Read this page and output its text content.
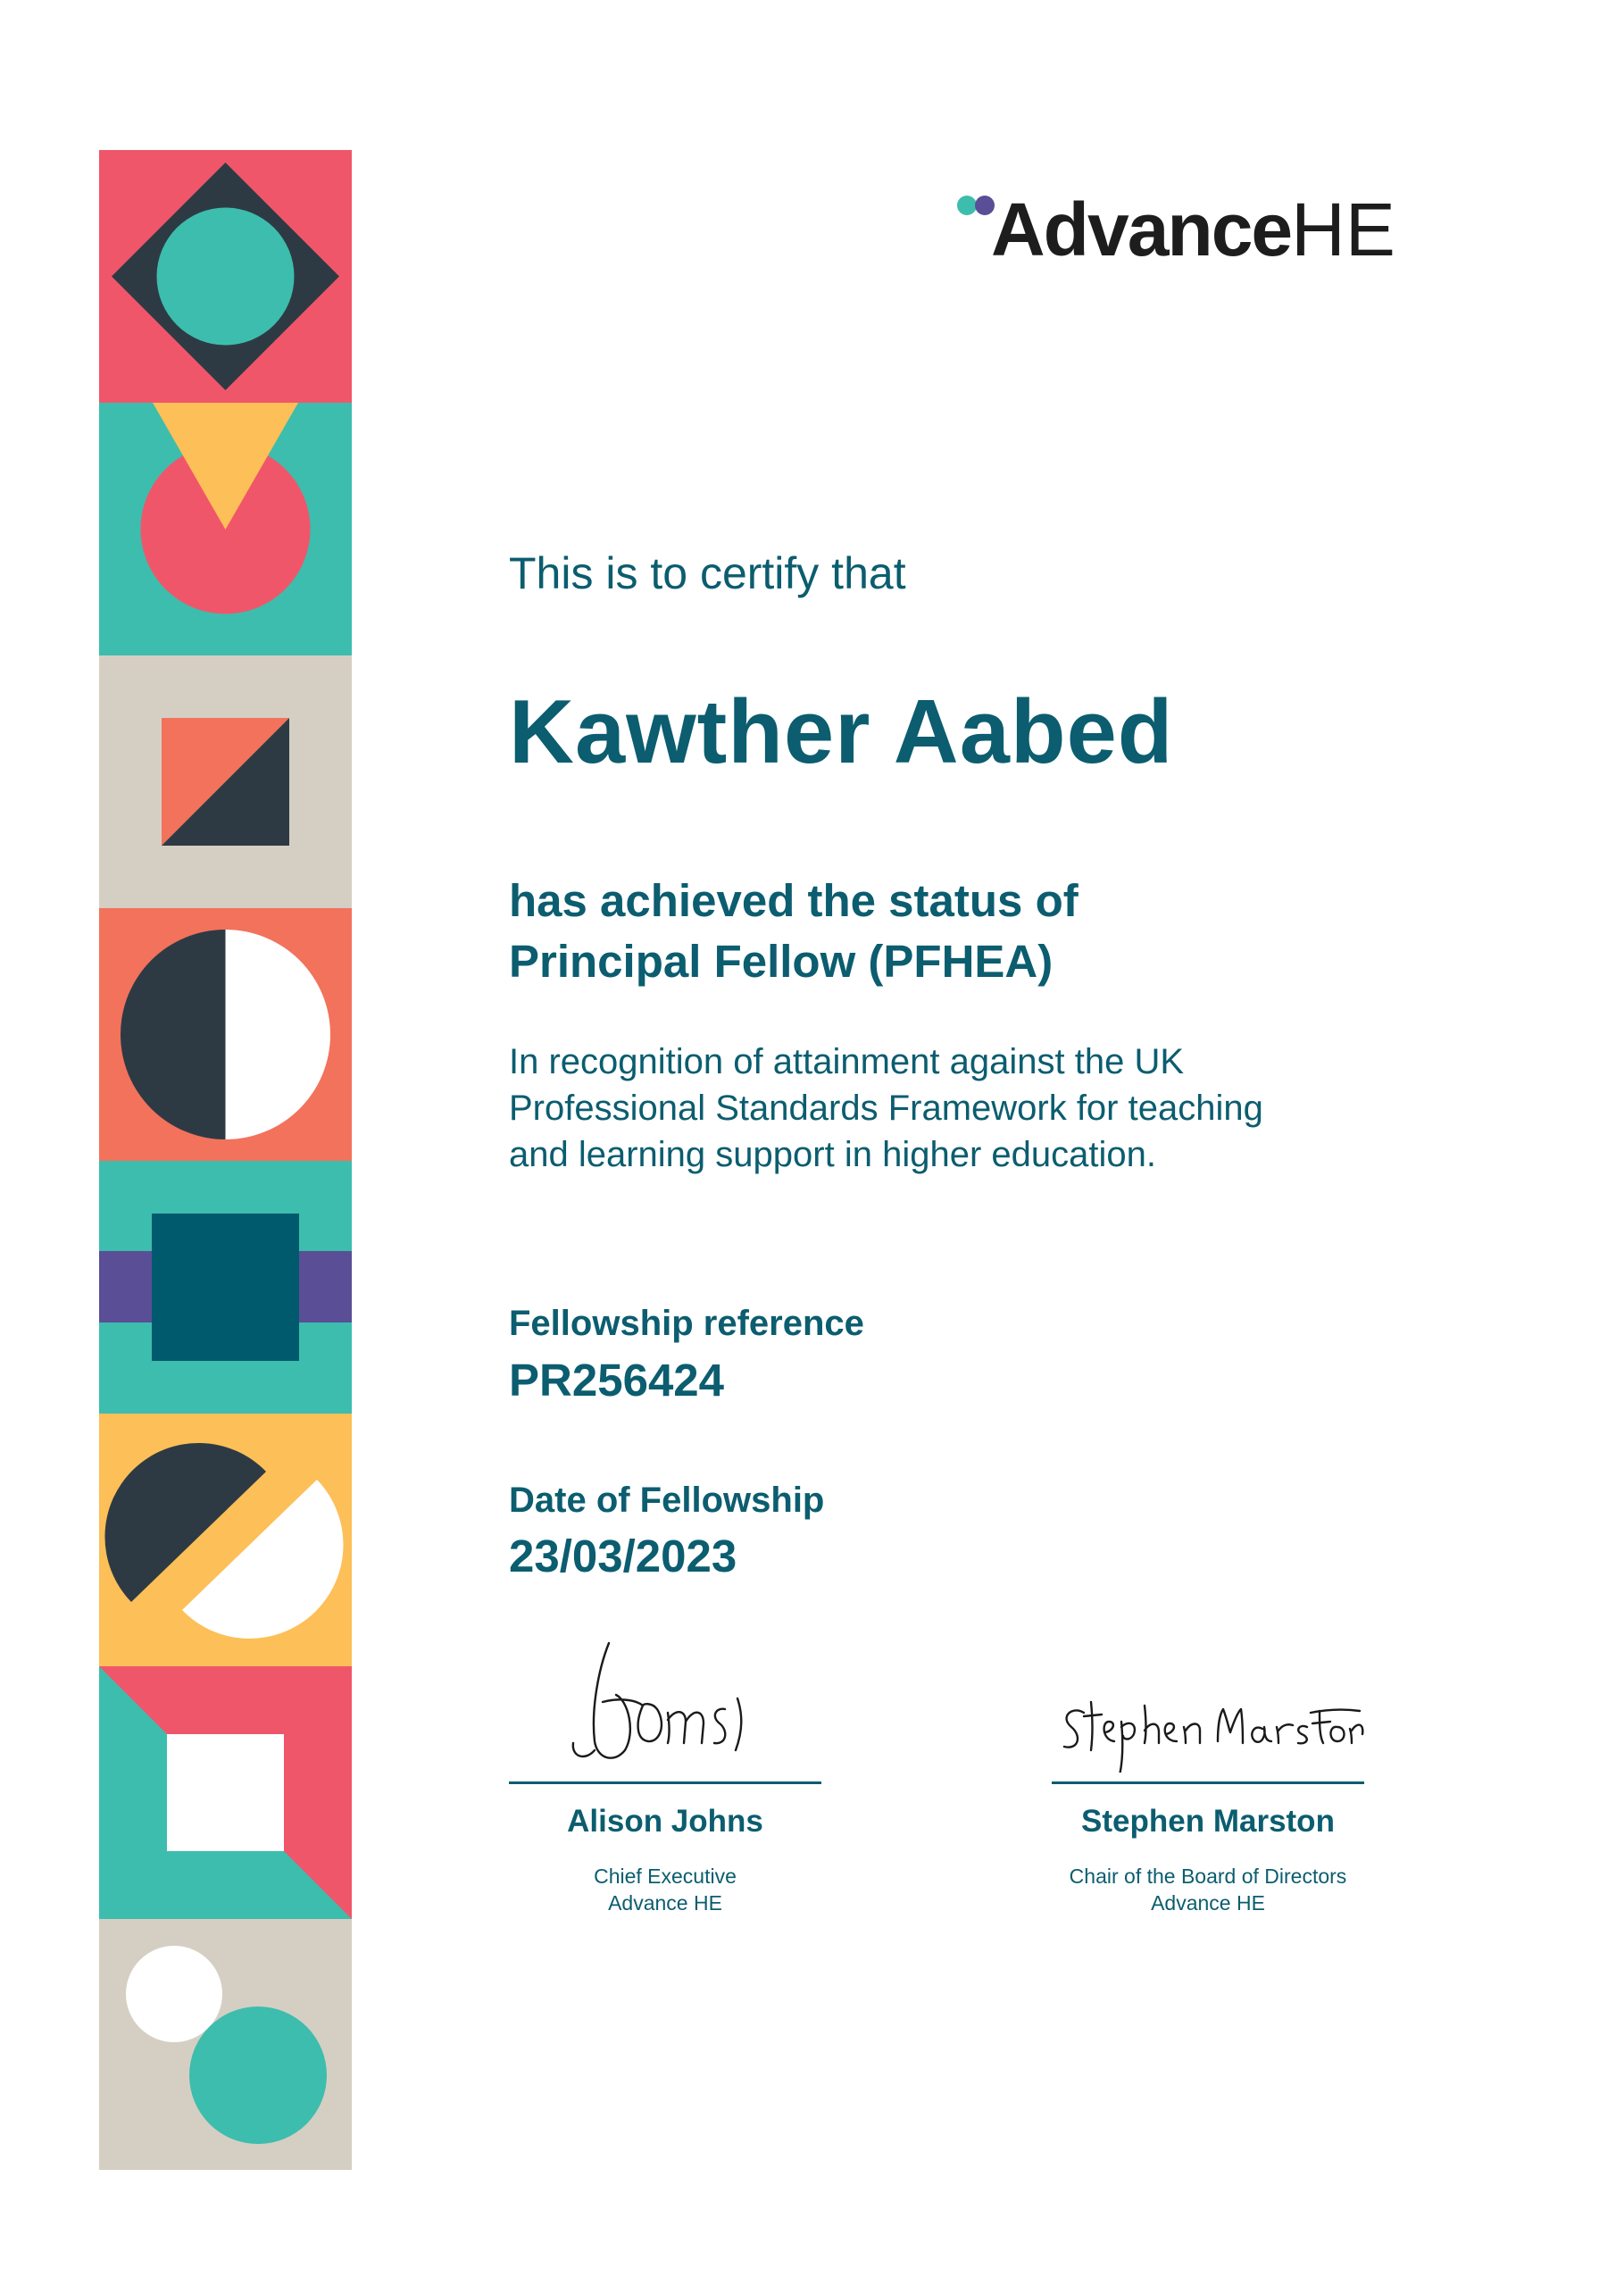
AdvanceHE
This is to certify that
Kawther Aabed
has achieved the status of
Principal Fellow (PFHEA)
In recognition of attainment against the UK Professional Standards Framework for teaching and learning support in higher education.
Fellowship reference
PR256424
Date of Fellowship
23/03/2023
Alison Johns
Chief Executive
Advance HE
Stephen Marston
Chair of the Board of Directors
Advance HE
